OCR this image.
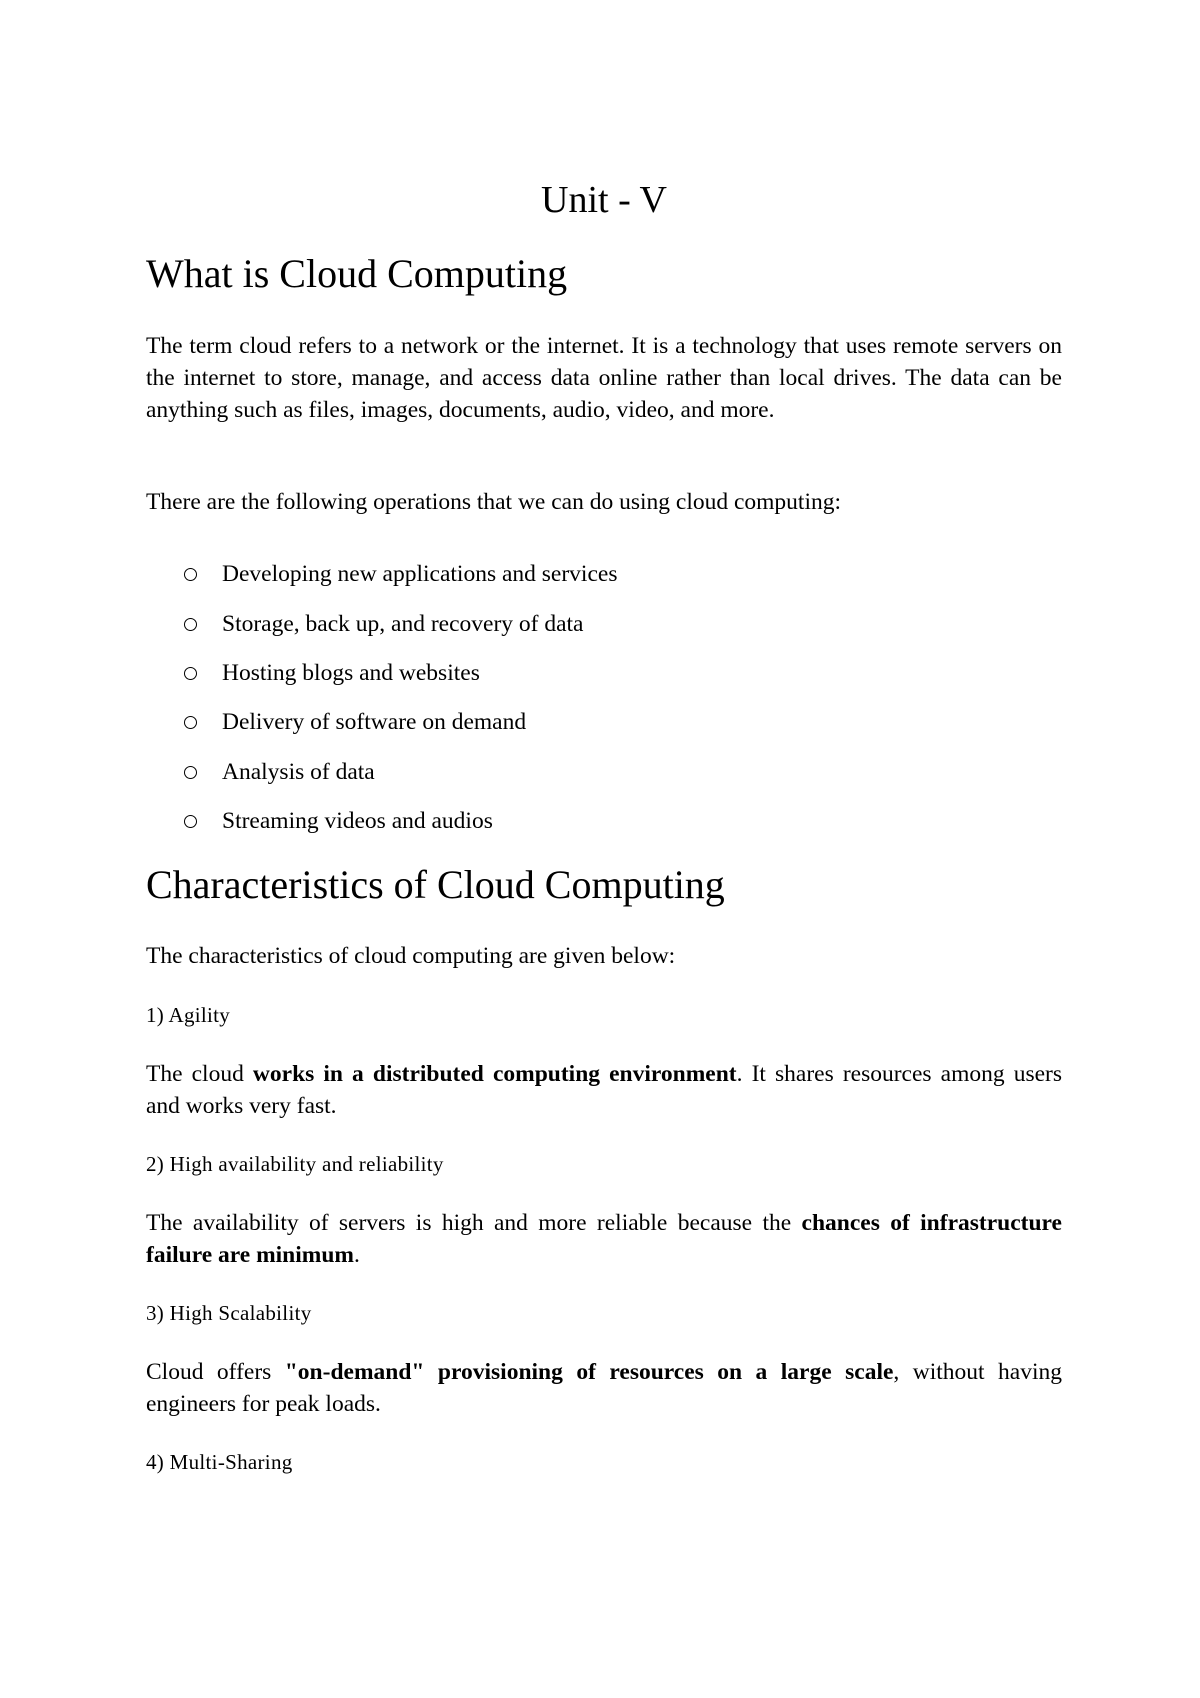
Unit - V
What is Cloud Computing

The term cloud refers to a network or the internet. It is a technology that uses remote servers on the internet to store, manage, and access data online rather than local drives. The data can be anything such as files, images, documents, audio, video, and more.

There are the following operations that we can do using cloud computing:

Developing new applications and services
Storage, back up, and recovery of data
Hosting blogs and websites
Delivery of software on demand
Analysis of data
Streaming videos and audios
Characteristics of Cloud Computing

The characteristics of cloud computing are given below:

1) Agility

The cloud works in a distributed computing environment. It shares resources among users and works very fast.

2) High availability and reliability

The availability of servers is high and more reliable because the chances of infrastructure failure are minimum.

3) High Scalability

Cloud offers "on-demand" provisioning of resources on a large scale, without having engineers for peak loads.

4) Multi-Sharing
